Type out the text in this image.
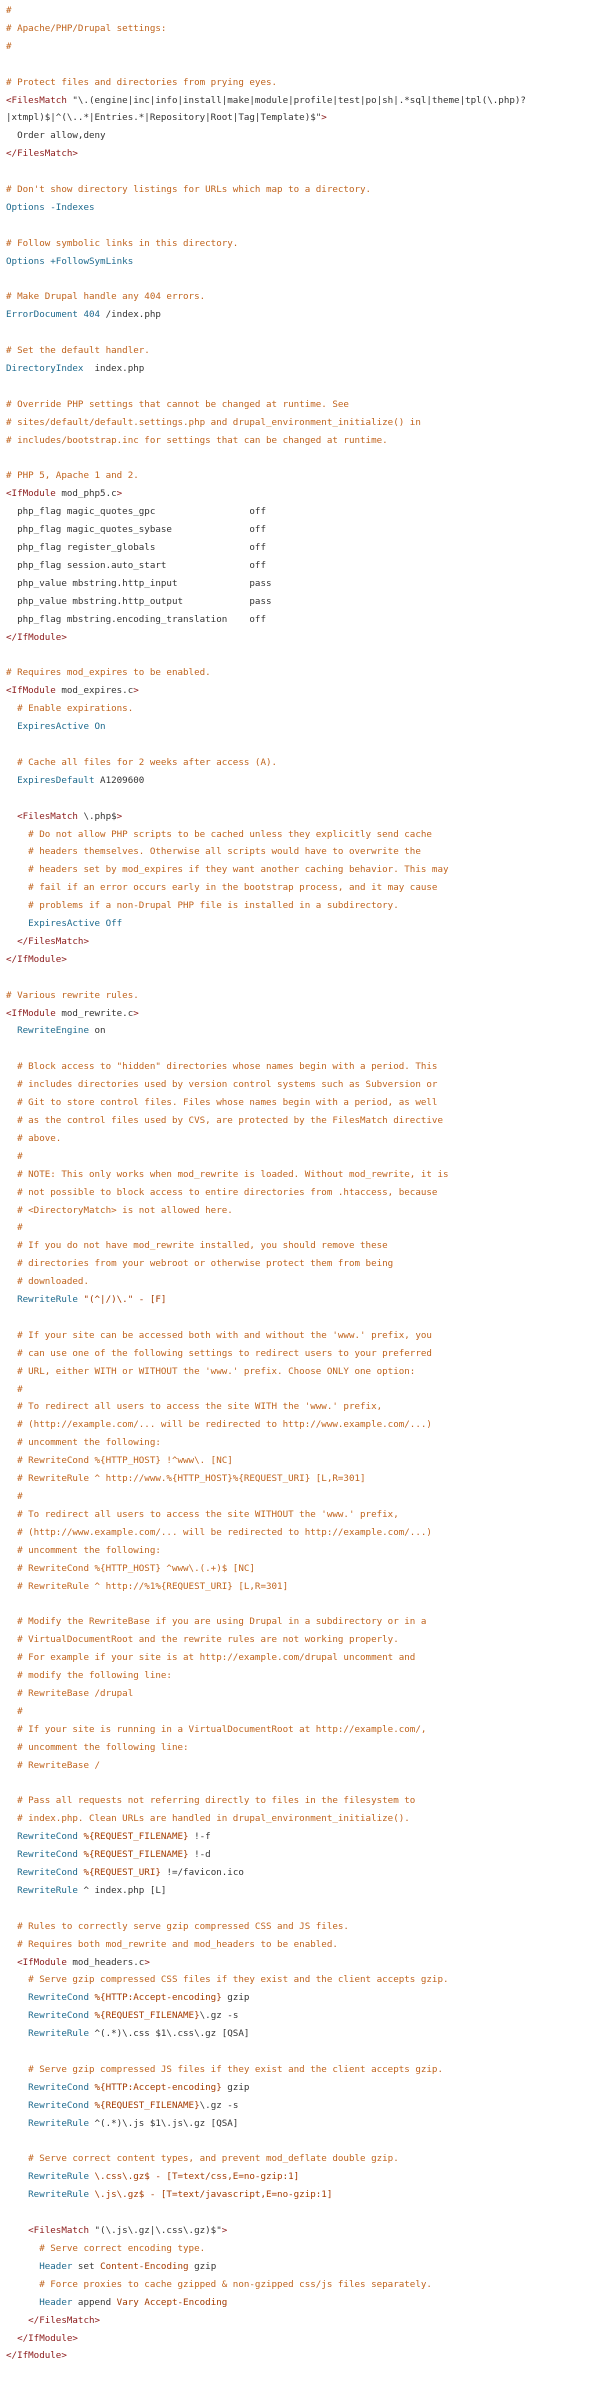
#
# Apache/PHP/Drupal settings:
#
# Protect files and directories from prying eyes.
<FilesMatch "\.(engine|inc|info|install|make|module|profile|test|po|sh|.*sql|theme|tpl(\.php)?
|xtmpl)$|^(\..*|Entries.*|Repository|Root|Tag|Template)$">
Order allow,deny
</FilesMatch>
# Don't show directory listings for URLs which map to a directory.
Options -Indexes
# Follow symbolic links in this directory.
Options +FollowSymLinks
# Make Drupal handle any 404 errors.
ErrorDocument 404 /index.php
# Set the default handler.
DirectoryIndex  index.php
# Override PHP settings that cannot be changed at runtime. See
# sites/default/default.settings.php and drupal_environment_initialize() in
# includes/bootstrap.inc for settings that can be changed at runtime.
# PHP 5, Apache 1 and 2.
<IfModule mod_php5.c>
php_flag magic_quotes_gpc                 off
php_flag magic_quotes_sybase              off
php_flag register_globals                 off
php_flag session.auto_start               off
php_value mbstring.http_input             pass
php_value mbstring.http_output            pass
php_flag mbstring.encoding_translation    off
</IfModule>
# Requires mod_expires to be enabled.
<IfModule mod_expires.c>
# Enable expirations.
ExpiresActive On
# Cache all files for 2 weeks after access (A).
ExpiresDefault A1209600
<FilesMatch \.php$>
# Do not allow PHP scripts to be cached unless they explicitly send cache
# headers themselves. Otherwise all scripts would have to overwrite the
# headers set by mod_expires if they want another caching behavior. This may
# fail if an error occurs early in the bootstrap process, and it may cause
# problems if a non-Drupal PHP file is installed in a subdirectory.
ExpiresActive Off
</FilesMatch>
</IfModule>
# Various rewrite rules.
<IfModule mod_rewrite.c>
RewriteEngine on
# Block access to "hidden" directories whose names begin with a period. This
# includes directories used by version control systems such as Subversion or
# Git to store control files. Files whose names begin with a period, as well
# as the control files used by CVS, are protected by the FilesMatch directive
# above.
#
# NOTE: This only works when mod_rewrite is loaded. Without mod_rewrite, it is
# not possible to block access to entire directories from .htaccess, because
# <DirectoryMatch> is not allowed here.
#
# If you do not have mod_rewrite installed, you should remove these
# directories from your webroot or otherwise protect them from being
# downloaded.
RewriteRule "(^|/)\." - [F]
# If your site can be accessed both with and without the 'www.' prefix, you
# can use one of the following settings to redirect users to your preferred
# URL, either WITH or WITHOUT the 'www.' prefix. Choose ONLY one option:
#
# To redirect all users to access the site WITH the 'www.' prefix,
# (http://example.com/... will be redirected to http://www.example.com/...)
# uncomment the following:
# RewriteCond %{HTTP_HOST} !^www\. [NC]
# RewriteRule ^ http://www.%{HTTP_HOST}%{REQUEST_URI} [L,R=301]
#
# To redirect all users to access the site WITHOUT the 'www.' prefix,
# (http://www.example.com/... will be redirected to http://example.com/...)
# uncomment the following:
# RewriteCond %{HTTP_HOST} ^www\.(.+)$ [NC]
# RewriteRule ^ http://%1%{REQUEST_URI} [L,R=301]
# Modify the RewriteBase if you are using Drupal in a subdirectory or in a
# VirtualDocumentRoot and the rewrite rules are not working properly.
# For example if your site is at http://example.com/drupal uncomment and
# modify the following line:
# RewriteBase /drupal
#
# If your site is running in a VirtualDocumentRoot at http://example.com/,
# uncomment the following line:
# RewriteBase /
# Pass all requests not referring directly to files in the filesystem to
# index.php. Clean URLs are handled in drupal_environment_initialize().
RewriteCond %{REQUEST_FILENAME} !-f
RewriteCond %{REQUEST_FILENAME} !-d
RewriteCond %{REQUEST_URI} !=/favicon.ico
RewriteRule ^ index.php [L]
# Rules to correctly serve gzip compressed CSS and JS files.
# Requires both mod_rewrite and mod_headers to be enabled.
<IfModule mod_headers.c>
# Serve gzip compressed CSS files if they exist and the client accepts gzip.
RewriteCond %{HTTP:Accept-encoding} gzip
RewriteCond %{REQUEST_FILENAME}\.gz -s
RewriteRule ^(.*)\.css $1\.css\.gz [QSA]
# Serve gzip compressed JS files if they exist and the client accepts gzip.
RewriteCond %{HTTP:Accept-encoding} gzip
RewriteCond %{REQUEST_FILENAME}\.gz -s
RewriteRule ^(.*)\.js $1\.js\.gz [QSA]
# Serve correct content types, and prevent mod_deflate double gzip.
RewriteRule \.css\.gz$ - [T=text/css,E=no-gzip:1]
RewriteRule \.js\.gz$ - [T=text/javascript,E=no-gzip:1]
<FilesMatch "(\.js\.gz|\.css\.gz)$">
# Serve correct encoding type.
Header set Content-Encoding gzip
# Force proxies to cache gzipped & non-gzipped css/js files separately.
Header append Vary Accept-Encoding
</FilesMatch>
</IfModule>
</IfModule>
